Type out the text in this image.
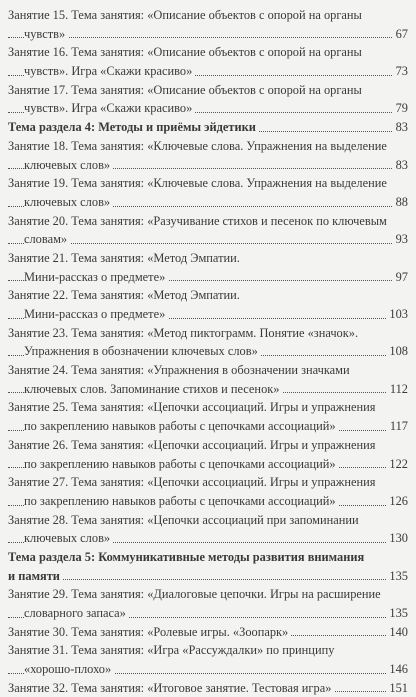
Занятие 15. Тема занятия: «Описание объектов с опорой на органы
чувств»	67
Занятие 16. Тема занятия: «Описание объектов с опорой на органы
чувств». Игра «Скажи красиво»	73
Занятие 17. Тема занятия: «Описание объектов с опорой на органы
чувств». Игра «Скажи красиво»	79
Тема раздела 4: Методы и приёмы эйдетики	83
Занятие 18. Тема занятия: «Ключевые слова. Упражнения на выделение
ключевых слов»	83
Занятие 19. Тема занятия: «Ключевые слова. Упражнения на выделение
ключевых слов»	88
Занятие 20. Тема занятия: «Разучивание стихов и песенок по ключевым
словам»	93
Занятие 21. Тема занятия: «Метод Эмпатии.
Мини-рассказ о предмете»	97
Занятие 22. Тема занятия: «Метод Эмпатии.
Мини-рассказ о предмете»	103
Занятие 23. Тема занятия: «Метод пиктограмм. Понятие «значок».
Упражнения в обозначении ключевых слов»	108
Занятие 24. Тема занятия: «Упражнения в обозначении значками
ключевых слов. Запоминание стихов и песенок»	112
Занятие 25. Тема занятия: «Цепочки ассоциаций. Игры и упражнения
по закреплению навыков работы с цепочками ассоциаций»	117
Занятие 26. Тема занятия: «Цепочки ассоциаций. Игры и упражнения
по закреплению навыков работы с цепочками ассоциаций»	122
Занятие 27. Тема занятия: «Цепочки ассоциаций. Игры и упражнения
по закреплению навыков работы с цепочками ассоциаций»	126
Занятие 28. Тема занятия: «Цепочки ассоциаций при запоминании
ключевых слов»	130
Тема раздела 5: Коммуникативные методы развития внимания
и памяти	135
Занятие 29. Тема занятия: «Диалоговые цепочки. Игры на расширение
словарного запаса»	135
Занятие 30. Тема занятия: «Ролевые игры. «Зоопарк»	140
Занятие 31. Тема занятия: «Игра «Рассуждалки» по принципу
«хорошо-плохо»	146
Занятие 32. Тема занятия: «Итоговое занятие. Тестовая игра»	151
